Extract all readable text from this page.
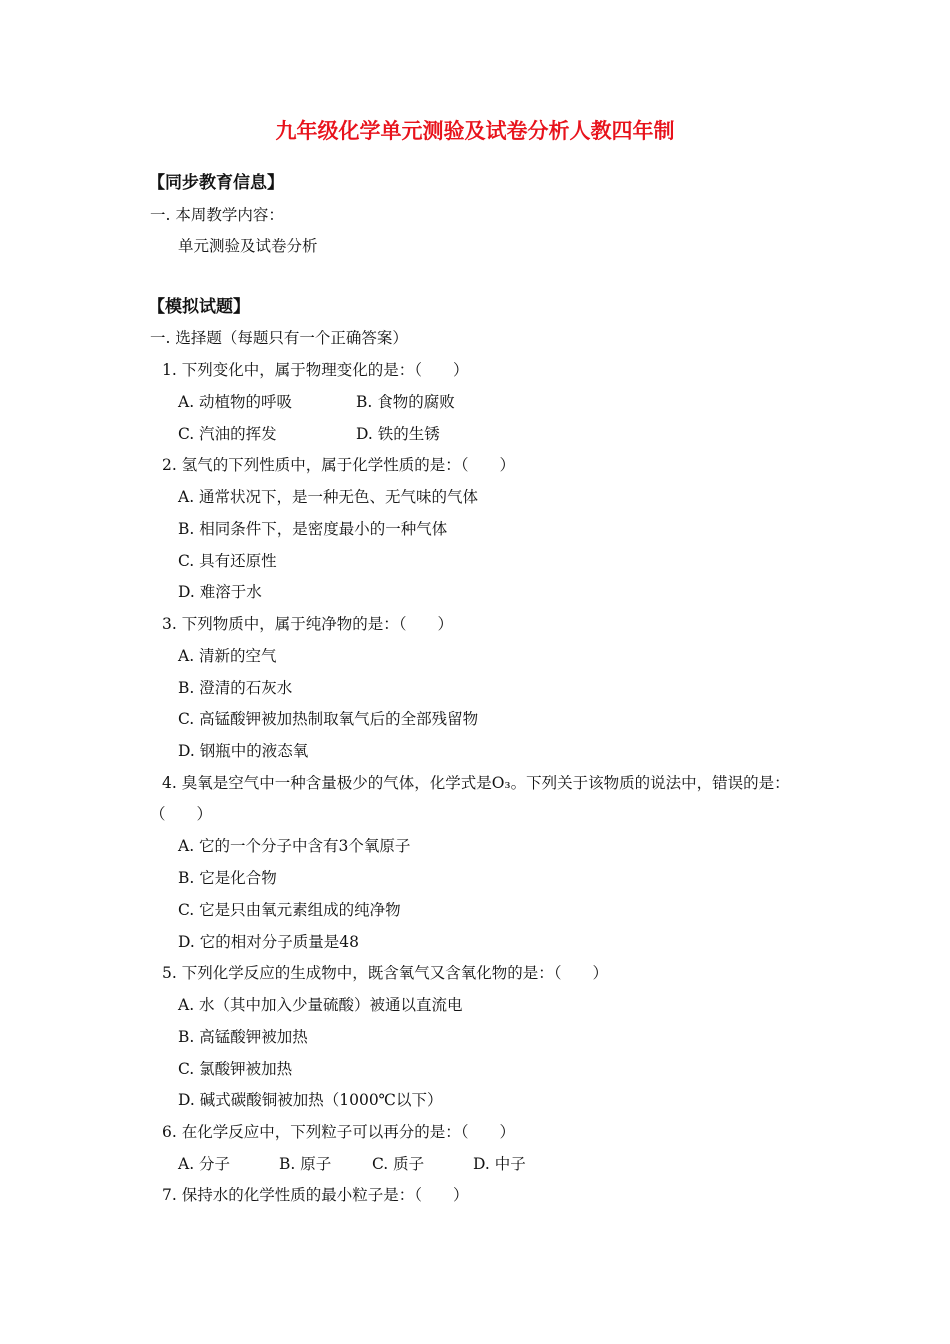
九年级化学单元测验及试卷分析人教四年制
【同步教育信息】
一. 本周教学内容：
单元测验及试卷分析
【模拟试题】
一. 选择题（每题只有一个正确答案）
1. 下列变化中，属于物理变化的是：（　　）
A. 动植物的呼吸	B. 食物的腐败
C. 汽油的挥发	D. 铁的生锈
2. 氢气的下列性质中，属于化学性质的是：（　　）
A. 通常状况下，是一种无色、无气味的气体
B. 相同条件下，是密度最小的一种气体
C. 具有还原性
D. 难溶于水
3. 下列物质中，属于纯净物的是：（　　）
A. 清新的空气
B. 澄清的石灰水
C. 高锰酸钾被加热制取氧气后的全部残留物
D. 钢瓶中的液态氧
4. 臭氧是空气中一种含量极少的气体，化学式是O₃。下列关于该物质的说法中，错误的是：
（　　）
A. 它的一个分子中含有3个氧原子
B. 它是化合物
C. 它是只由氧元素组成的纯净物
D. 它的相对分子质量是48
5. 下列化学反应的生成物中，既含氧气又含氧化物的是：（　　）
A. 水（其中加入少量硫酸）被通以直流电
B. 高锰酸钾被加热
C. 氯酸钾被加热
D. 碱式碳酸铜被加热（1000℃以下）
6. 在化学反应中，下列粒子可以再分的是：（　　）
A. 分子	B. 原子	C. 质子	D. 中子
7. 保持水的化学性质的最小粒子是：（　　）
